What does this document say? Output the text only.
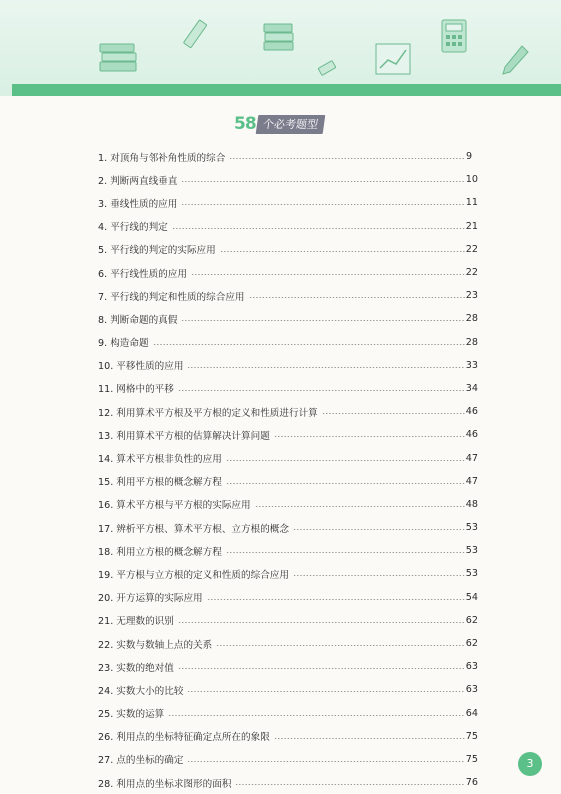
58 个必考题型
1. 对顶角与邻补角性质的综合	9
2. 判断两直线垂直	10
3. 垂线性质的应用	11
4. 平行线的判定	21
5. 平行线的判定的实际应用	22
6. 平行线性质的应用	22
7. 平行线的判定和性质的综合应用	23
8. 判断命题的真假	28
9. 构造命题	28
10. 平移性质的应用	33
11. 网格中的平移	34
12. 利用算术平方根及平方根的定义和性质进行计算	46
13. 利用算术平方根的估算解决计算问题	46
14. 算术平方根非负性的应用	47
15. 利用平方根的概念解方程	47
16. 算术平方根与平方根的实际应用	48
17. 辨析平方根、算术平方根、立方根的概念	53
18. 利用立方根的概念解方程	53
19. 平方根与立方根的定义和性质的综合应用	53
20. 开方运算的实际应用	54
21. 无理数的识别	62
22. 实数与数轴上点的关系	62
23. 实数的绝对值	63
24. 实数大小的比较	63
25. 实数的运算	64
26. 利用点的坐标特征确定点所在的象限	75
27. 点的坐标的确定	75
28. 利用点的坐标求图形的面积	76
3
